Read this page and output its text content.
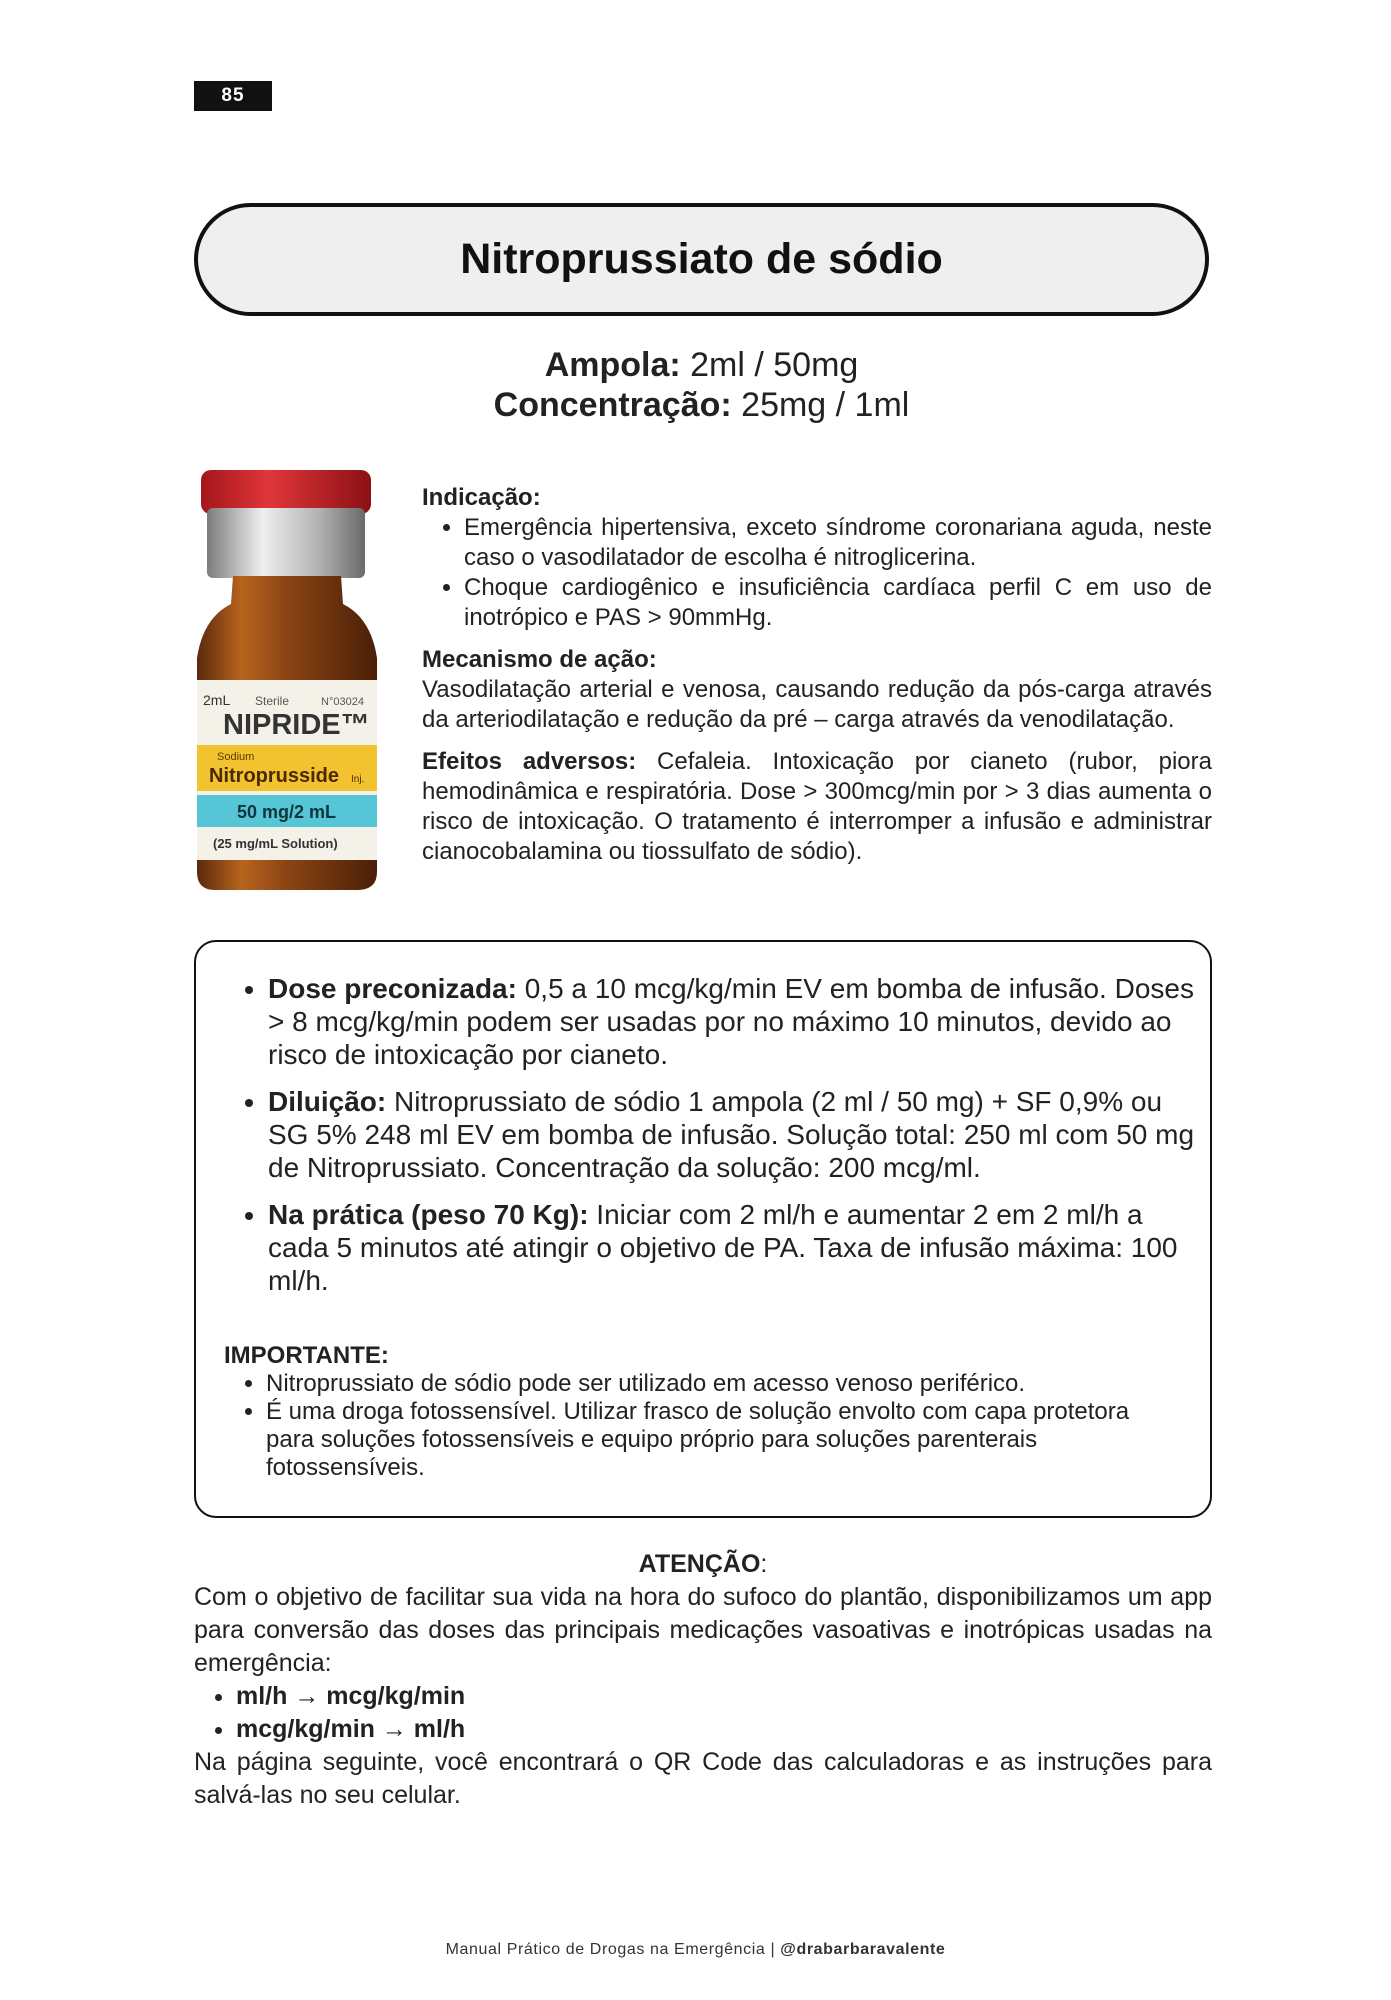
85
Nitroprussiato de sódio
Ampola: 2ml / 50mg
Concentração: 25mg / 1ml
2mL Sterile	N°03024
NIPRIDE™
Sodium
Nitroprusside Inj.
50 mg/2 mL
(25 mg/mL Solution)
Indicação:
• Emergência hipertensiva, exceto síndrome coronariana aguda, neste caso o vasodilatador de escolha é nitroglicerina.
• Choque cardiogênico e insuficiência cardíaca perfil C em uso de inotrópico e PAS > 90mmHg.
Mecanismo de ação:

Vasodilatação arterial e venosa, causando redução da pós-carga através da arteriodilatação e redução da pré – carga através da venodilatação.

Efeitos adversos: Cefaleia. Intoxicação por cianeto (rubor, piora hemodinâmica e respiratória. Dose > 300mcg/min por > 3 dias aumenta o risco de intoxicação. O tratamento é interromper a infusão e administrar cianocobalamina ou tiossulfato de sódio).

• Dose preconizada: 0,5 a 10 mcg/kg/min EV em bomba de infusão. Doses > 8 mcg/kg/min podem ser usadas por no máximo 10 minutos, devido ao risco de intoxicação por cianeto.
• Diluição: Nitroprussiato de sódio 1 ampola (2 ml / 50 mg) + SF 0,9% ou SG 5% 248 ml EV em bomba de infusão. Solução total: 250 ml com 50 mg de Nitroprussiato. Concentração da solução: 200 mcg/ml.
• Na prática (peso 70 Kg): Iniciar com 2 ml/h e aumentar 2 em 2 ml/h a cada 5 minutos até atingir o objetivo de PA. Taxa de infusão máxima: 100 ml/h.
IMPORTANTE:
• Nitroprussiato de sódio pode ser utilizado em acesso venoso periférico.
• É uma droga fotossensível. Utilizar frasco de solução envolto com capa protetora para soluções fotossensíveis e equipo próprio para soluções parenterais fotossensíveis.
ATENÇÃO:

Com o objetivo de facilitar sua vida na hora do sufoco do plantão, disponibilizamos um app para conversão das doses das principais medicações vasoativas e inotrópicas usadas na emergência:

• ml/h → mcg/kg/min
• mcg/kg/min → ml/h

Na página seguinte, você encontrará o QR Code das calculadoras e as instruções para salvá-las no seu celular.

Manual Prático de Drogas na Emergência | @drabarbaravalente
